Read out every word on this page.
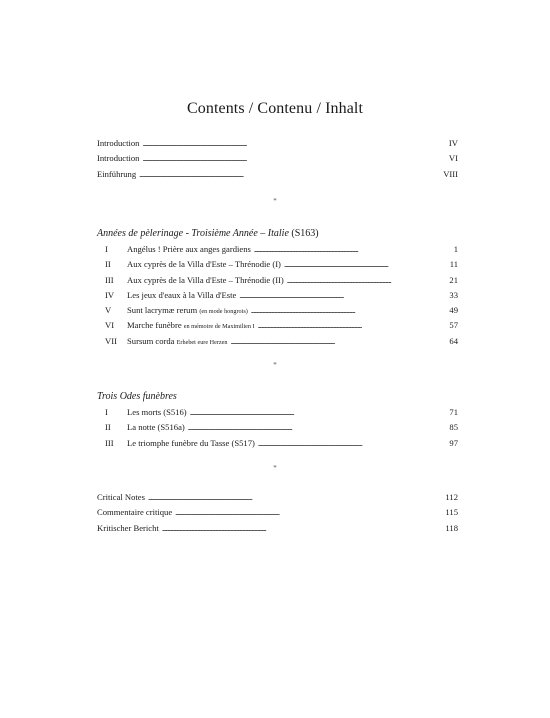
Contents / Contenu / Inhalt
Introduction . . .	IV
Introduction . . .	VI
Einführung . . .	VIII
*
Années de pèlerinage - Troisième Année – Italie (S163)
I	Angélus ! Prière aux anges gardiens . . .	1
II	Aux cyprès de la Villa d'Este – Thrénodie (I) . . .	11
III	Aux cyprès de la Villa d'Este – Thrénodie (II) . . .	21
IV	Les jeux d'eaux à la Villa d'Este . . .	33
V	Sunt lacrymæ rerum (en mode hongrois) . . .	49
VI	Marche funèbre en mémoire de Maximilien I . . .	57
VII	Sursum corda Erhebet eure Herzen . . .	64
*
Trois Odes funèbres
I	Les morts (S516) . . .	71
II	La notte (S516a) . . .	85
III	Le triomphe funèbre du Tasse (S517) . . .	97
*
Critical Notes . . .	112
Commentaire critique . . .	115
Kritischer Bericht . . .	118
